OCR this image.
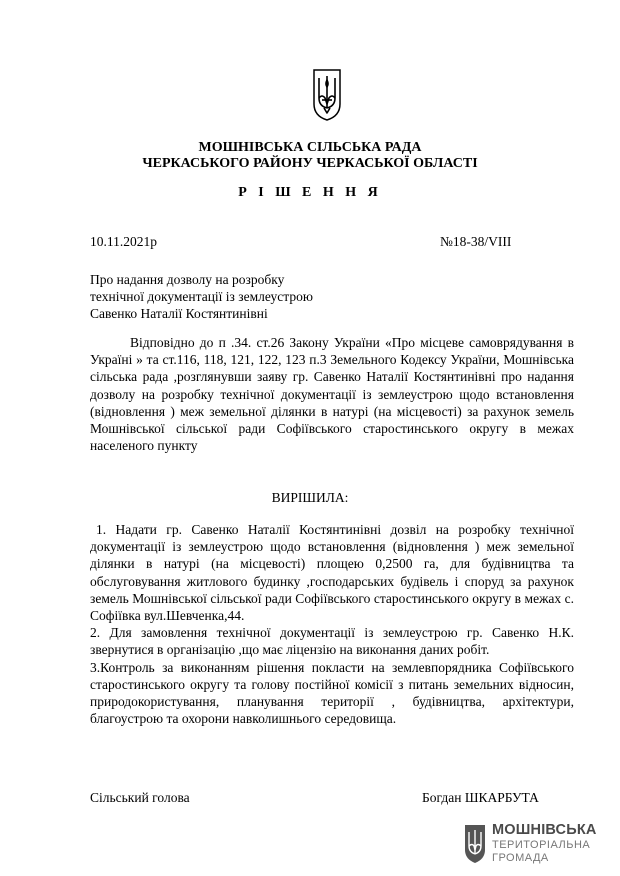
МОШНІВСЬКА СІЛЬСЬКА РАДА
ЧЕРКАСЬКОГО РАЙОНУ ЧЕРКАСЬКОЇ ОБЛАСТІ
Р І Ш Е Н Н Я
10.11.2021р	№18-38/VIII
Про надання дозволу на розробку
технічної документації із землеустрою
Савенко Наталії Костянтинівні
Відповідно до п .34. ст.26 Закону України «Про місцеве самоврядування в Україні » та ст.116, 118, 121, 122, 123 п.3 Земельного Кодексу України, Мошнівська сільська рада ,розглянувши заяву гр. Савенко Наталії Костянтинівні про надання дозволу на розробку технічної документації із землеустрою щодо встановлення (відновлення ) меж земельної ділянки в натурі (на місцевості) за рахунок земель Мошнівської сільської ради Софіївського старостинського округу в межах населеного пункту
ВИРІШИЛА:

1. Надати гр. Савенко Наталії Костянтинівні дозвіл на розробку технічної документації із землеустрою щодо встановлення (відновлення ) меж земельної ділянки в натурі (на місцевості) площею 0,2500 га, для будівництва та обслуговування житлового будинку ,господарських будівель і споруд за рахунок земель Мошнівської сільської ради Софіївського старостинського округу в межах с. Софіївка вул.Шевченка,44.

2. Для замовлення технічної документації із землеустрою гр. Савенко Н.К. звернутися в організацію ,що має ліцензію на виконання даних робіт.

3.Контроль за виконанням рішення покласти на землевпорядника Софіївського старостинського округу та голову постійної комісії з питань земельних відносин, природокористування, планування території , будівництва, архітектури, благоустрою та охорони навколишнього середовища.

Сільський голова	Богдан ШКАРБУТА
МОШНІВСЬКА
ТЕРИТОРІАЛЬНА
ГРОМАДА
